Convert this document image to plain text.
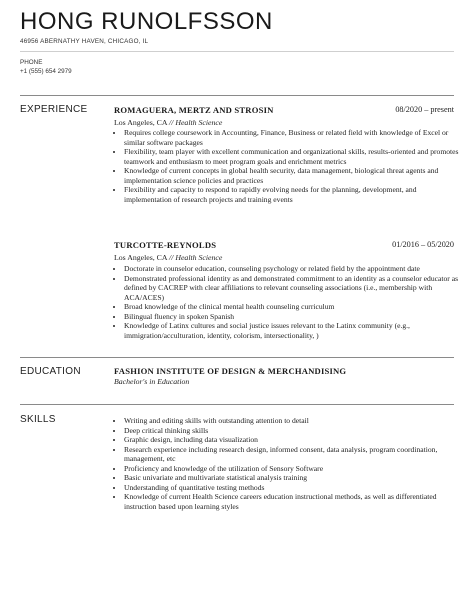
HONG RUNOLFSSON
46956 ABERNATHY HAVEN, CHICAGO, IL
PHONE
+1 (555) 654 2979
EXPERIENCE	ROMAGUERA, MERTZ AND STROSIN	08/2020 – present
Los Angeles, CA // Health Science
• Requires college coursework in Accounting, Finance, Business or related field with knowledge of Excel or similar software packages
• Flexibility, team player with excellent communication and organizational skills, results-oriented and promotes teamwork and enthusiasm to meet program goals and enrichment metrics
• Knowledge of current concepts in global health security, data management, biological threat agents and implementation science policies and practices
• Flexibility and capacity to respond to rapidly evolving needs for the planning, development, and implementation of research projects and training events
TURCOTTE-REYNOLDS	01/2016 – 05/2020
Los Angeles, CA // Health Science
• Doctorate in counselor education, counseling psychology or related field by the appointment date
• Demonstrated professional identity as and demonstrated commitment to an identity as a counselor educator as defined by CACREP with clear affiliations to relevant counseling associations (i.e., membership with ACA/ACES)
• Broad knowledge of the clinical mental health counseling curriculum
• Bilingual fluency in spoken Spanish
• Knowledge of Latinx cultures and social justice issues relevant to the Latinx community (e.g., immigration/acculturation, identity, colorism, intersectionality, )
EDUCATION	FASHION INSTITUTE OF DESIGN & MERCHANDISING
Bachelor's in Education
SKILLS
•	Writing and editing skills with outstanding attention to detail
• Deep critical thinking skills
• Graphic design, including data visualization
• Research experience including research design, informed consent, data analysis, program coordination, management, etc
• Proficiency and knowledge of the utilization of Sensory Software
• Basic univariate and multivariate statistical analysis training
• Understanding of quantitative testing methods
• Knowledge of current Health Science careers education instructional methods, as well as differentiated instruction based upon learning styles
